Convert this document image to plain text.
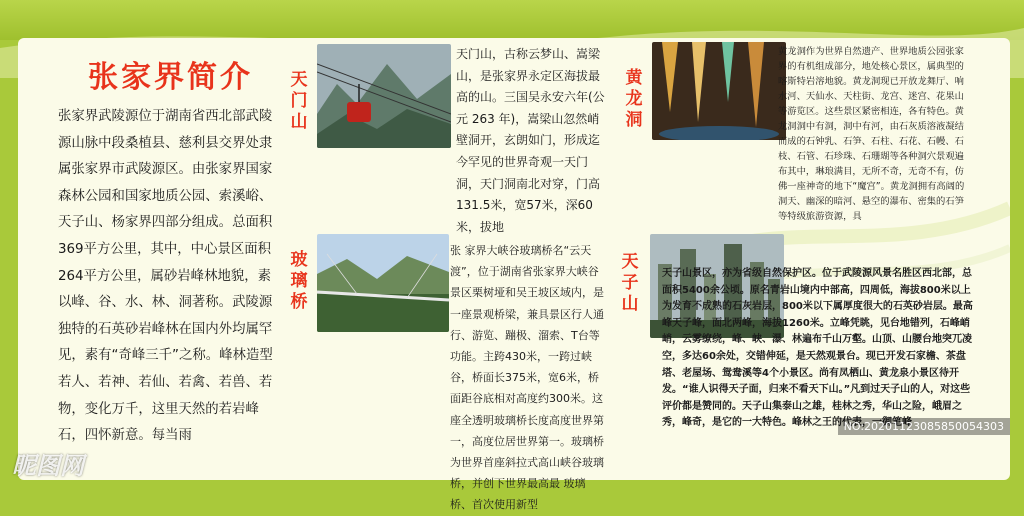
张家界简介

张家界武陵源位于湖南省西北部武陵源山脉中段桑植县、慈利县交界处隶属张家界市武陵源区。由张家界国家森林公园和国家地质公园、索溪峪、天子山、杨家界四部分组成。总面积369平方公里，其中，中心景区面积264平方公里，属砂岩峰林地貌，素以峰、谷、水、林、洞著称。武陵源独特的石英砂岩峰林在国内外均属罕见，素有“奇峰三千”之称。峰林造型若人、若神、若仙、若禽、若兽、若物，变化万千，这里天然的若岩峰石，四怀新意。每当雨

天门山

天门山，古称云梦山、嵩梁山，是张家界永定区海拔最高的山。三国吴永安六年(公元 263 年)，嵩梁山忽然峭壁洞开，玄朗如门，形成迄今罕见的世界奇观一天门洞，天门洞南北对穿，门高131.5米，宽57米，深60米，拔地

玻璃桥

张 家界大峡谷玻璃桥名“云天渡”，位于湖南省张家界大峡谷景区栗树垭和吴王坡区域内，是一座景观桥梁，兼具景区行人通行、游览、蹦极、溜索、T台等功能。主跨430米，一跨过峡谷，桥面长375米，宽6米，桥面距谷底相对高度约300米。这座全透明玻璃桥长度高度世界第一，高度位居世界第一。玻璃桥为世界首座斜拉式高山峡谷玻璃桥，并创下世界最高最 玻璃桥、首次使用新型

黄龙洞

黄龙洞作为世界自然遗产、世界地质公园张家界的有机组成部分，地处核心景区，属典型的喀斯特岩溶地貌。黄龙洞现已开放龙舞厅、响水河、天仙水、天柱街、龙宫、迷宫、花果山等游览区。这些景区紧密相连，各有特色。黄龙洞洞中有洞，洞中有河，由石灰质溶液凝结而成的石钟乳、石笋、石柱、石花、石幔、石枝、石管、石珍珠、石珊瑚等各种洞穴景观遍布其中，琳琅满目，无所不奇，无奇不有，仿佛一座神奇的地下“魔宫”。黄龙洞拥有高阔的洞天、幽深的暗河、悬空的瀑布、密集的石笋等特级旅游资源，具

天子山

天子山景区，亦为省级自然保护区。位于武陵源风景名胜区西北部，总面积5400余公顷。原名青岩山境内中部高，四周低，海拔800米以上为发育不成熟的石灰岩层，800米以下属厚度很大的石英砂岩层。最高峰天子峰，面北两峰，海拔1260米。立峰凭眺，见台地错列，石峰峭峭，云雾缭绕，峰、峡、瀑、林遍布千山万壑。山顶、山腰台地突兀凌空，多达60余处，交错伸延，是天然观景台。现已开发石家檐、茶盘塔、老屋场、鸳鸯溪等4个小景区。尚有凤栖山、黄龙泉小景区待开发。“谁人识得天子面，归来不看天下山。”凡到过天子山的人，对这些评价都是赞同的。天子山集泰山之雄，桂林之秀，华山之险，峨眉之秀，峰奇，是它的一大特色。峰林之王的代表，一御笔峰

昵图网
NO:20201123085850054303
